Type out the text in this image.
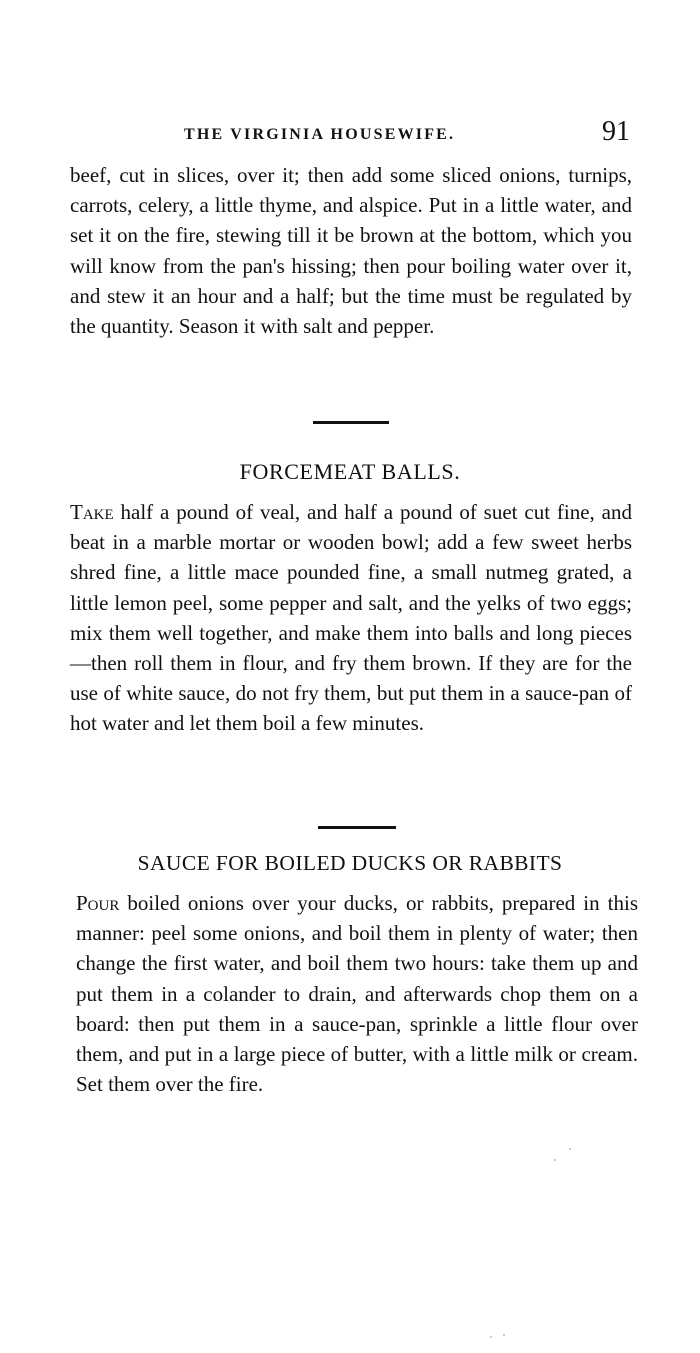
THE VIRGINIA HOUSEWIFE.	91

beef, cut in slices, over it; then add some sliced onions, turnips, carrots, celery, a little thyme, and alspice. Put in a little water, and set it on the fire, stewing till it be brown at the bottom, which you will know from the pan's hissing; then pour boiling water over it, and stew it an hour and a half; but the time must be regulated by the quantity. Season it with salt and pepper.

FORCEMEAT BALLS.

Take half a pound of veal, and half a pound of suet cut fine, and beat in a marble mortar or wooden bowl; add a few sweet herbs shred fine, a little mace pounded fine, a small nutmeg grated, a little lemon peel, some pepper and salt, and the yelks of two eggs; mix them well together, and make them into balls and long pieces—then roll them in flour, and fry them brown. If they are for the use of white sauce, do not fry them, but put them in a sauce-pan of hot water and let them boil a few minutes.

SAUCE FOR BOILED DUCKS OR RABBITS

Pour boiled onions over your ducks, or rabbits, prepared in this manner: peel some onions, and boil them in plenty of water; then change the first water, and boil them two hours: take them up and put them in a colander to drain, and afterwards chop them on a board: then put them in a sauce-pan, sprinkle a little flour over them, and put in a large piece of butter, with a little milk or cream. Set them over the fire.
